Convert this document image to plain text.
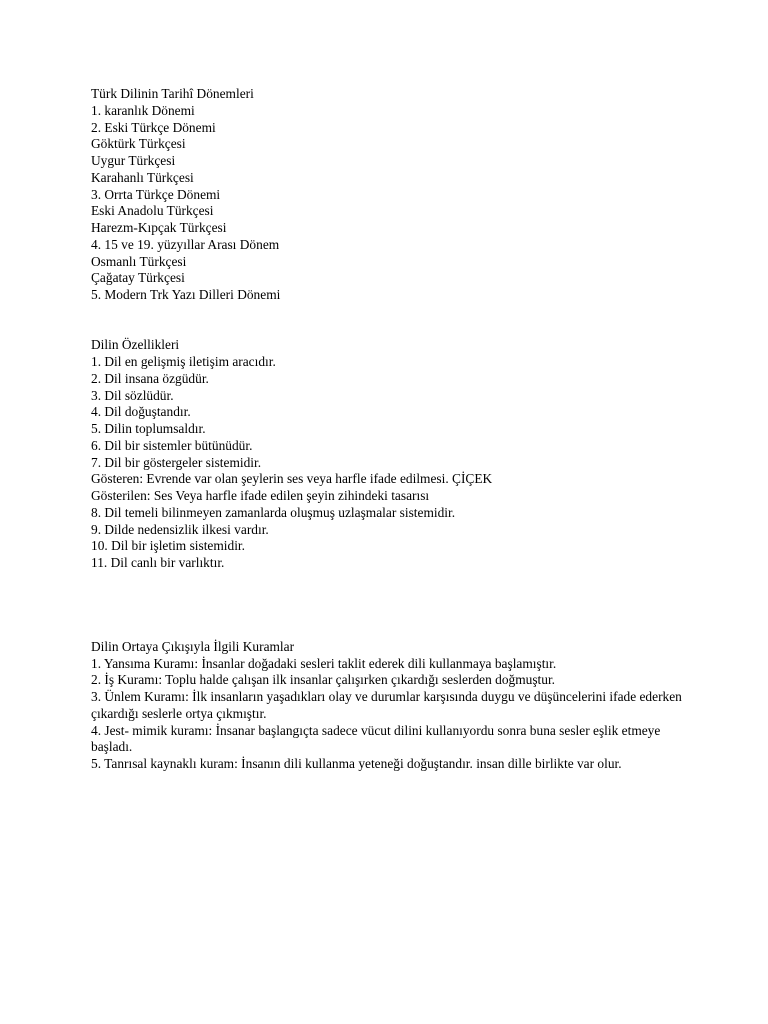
Türk Dilinin Tarihî Dönemleri
1. karanlık Dönemi
2. Eski Türkçe Dönemi
Göktürk Türkçesi
Uygur Türkçesi
Karahanlı Türkçesi
3. Orrta Türkçe Dönemi
Eski Anadolu Türkçesi
Harezm-Kıpçak Türkçesi
4. 15 ve 19. yüzyıllar Arası Dönem
Osmanlı Türkçesi
Çağatay Türkçesi
5. Modern Trk Yazı Dilleri Dönemi
Dilin Özellikleri
1. Dil en gelişmiş iletişim aracıdır.
2. Dil insana özgüdür.
3. Dil sözlüdür.
4. Dil doğuştandır.
5. Dilin toplumsaldır.
6. Dil bir sistemler bütünüdür.
7. Dil bir göstergeler sistemidir.
Gösteren: Evrende var olan şeylerin ses veya harfle ifade edilmesi. ÇİÇEK
Gösterilen: Ses Veya harfle ifade edilen şeyin zihindeki tasarısı
8. Dil temeli bilinmeyen zamanlarda oluşmuş uzlaşmalar sistemidir.
9. Dilde nedensizlik ilkesi vardır.
10. Dil bir işletim sistemidir.
11. Dil canlı bir varlıktır.
Dilin Ortaya Çıkışıyla İlgili Kuramlar
1. Yansıma Kuramı: İnsanlar doğadaki sesleri taklit ederek dili kullanmaya başlamıştır.
2. İş Kuramı: Toplu halde çalışan ilk insanlar çalışırken çıkardığı seslerden doğmuştur.
3. Ünlem Kuramı: İlk insanların yaşadıkları olay ve durumlar karşısında duygu ve düşüncelerini ifade ederken çıkardığı seslerle ortya çıkmıştır.
4. Jest- mimik kuramı: İnsanar başlangıçta sadece vücut dilini kullanıyordu sonra buna sesler eşlik etmeye başladı.
5. Tanrısal kaynaklı kuram: İnsanın dili kullanma yeteneği doğuştandır. insan dille birlikte var olur.
